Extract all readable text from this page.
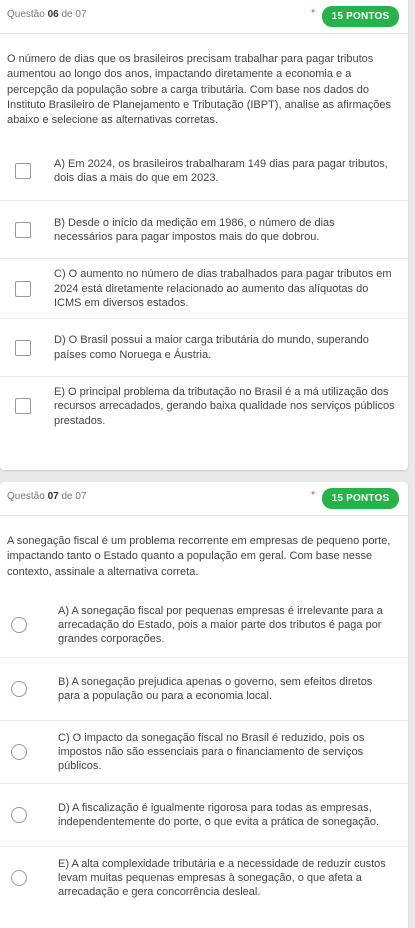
Questão 06 de 07	*	15 PONTOS

O número de dias que os brasileiros precisam trabalhar para pagar tributos aumentou ao longo dos anos, impactando diretamente a economia e a percepção da população sobre a carga tributária. Com base nos dados do Instituto Brasileiro de Planejamento e Tributação (IBPT), analise as afirmações abaixo e selecione as alternativas corretas.

A) Em 2024, os brasileiros trabalharam 149 dias para pagar tributos, dois dias a mais do que em 2023.
B) Desde o início da medição em 1986, o número de dias necessários para pagar impostos mais do que dobrou.
C) O aumento no número de dias trabalhados para pagar tributos em 2024 está diretamente relacionado ao aumento das alíquotas do ICMS em diversos estados.
D) O Brasil possui a maior carga tributária do mundo, superando países como Noruega e Áustria.
E) O principal problema da tributação no Brasil é a má utilização dos recursos arrecadados, gerando baixa qualidade nos serviços públicos prestados.
Questão 07 de 07	*	15 PONTOS

A sonegação fiscal é um problema recorrente em empresas de pequeno porte, impactando tanto o Estado quanto a população em geral. Com base nesse contexto, assinale a alternativa correta.

A) A sonegação fiscal por pequenas empresas é irrelevante para a arrecadação do Estado, pois a maior parte dos tributos é paga por grandes corporações.
B) A sonegação prejudica apenas o governo, sem efeitos diretos para a população ou para a economia local.
C) O impacto da sonegação fiscal no Brasil é reduzido, pois os impostos não são essenciais para o financiamento de serviços públicos.
D) A fiscalização é igualmente rigorosa para todas as empresas, independentemente do porte, o que evita a prática de sonegação.
E) A alta complexidade tributária e a necessidade de reduzir custos levam muitas pequenas empresas à sonegação, o que afeta a arrecadação e gera concorrência desleal.
